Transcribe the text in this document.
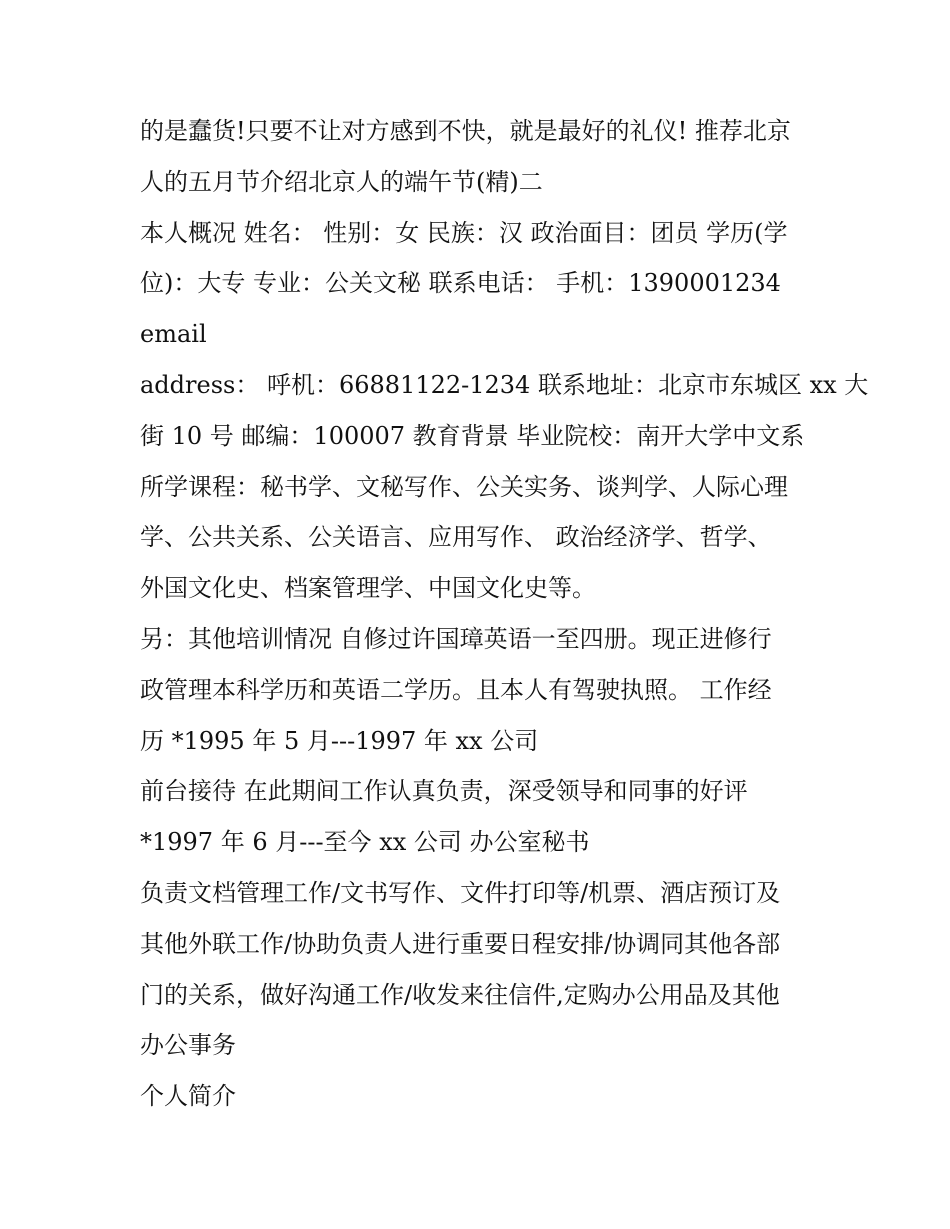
的是蠢货!只要不让对方感到不快，就是最好的礼仪! 推荐北京
人的五月节介绍北京人的端午节(精)二
本人概况 姓名： 性别：女 民族：汉 政治面目：团员 学历(学
位)：大专 专业：公关文秘 联系电话： 手机：1390001234
email
address： 呼机：66881122-1234 联系地址：北京市东城区 xx 大
街 10 号 邮编：100007 教育背景 毕业院校：南开大学中文系
所学课程：秘书学、文秘写作、公关实务、谈判学、人际心理
学、公共关系、公关语言、应用写作、 政治经济学、哲学、
外国文化史、档案管理学、中国文化史等。
另：其他培训情况 自修过许国璋英语一至四册。现正进修行
政管理本科学历和英语二学历。且本人有驾驶执照。 工作经
历 *1995 年 5 月---1997 年 xx 公司
前台接待 在此期间工作认真负责，深受领导和同事的好评
*1997 年 6 月---至今 xx 公司 办公室秘书
负责文档管理工作/文书写作、文件打印等/机票、酒店预订及
其他外联工作/协助负责人进行重要日程安排/协调同其他各部
门的关系，做好沟通工作/收发来往信件,定购办公用品及其他
办公事务
个人简介
